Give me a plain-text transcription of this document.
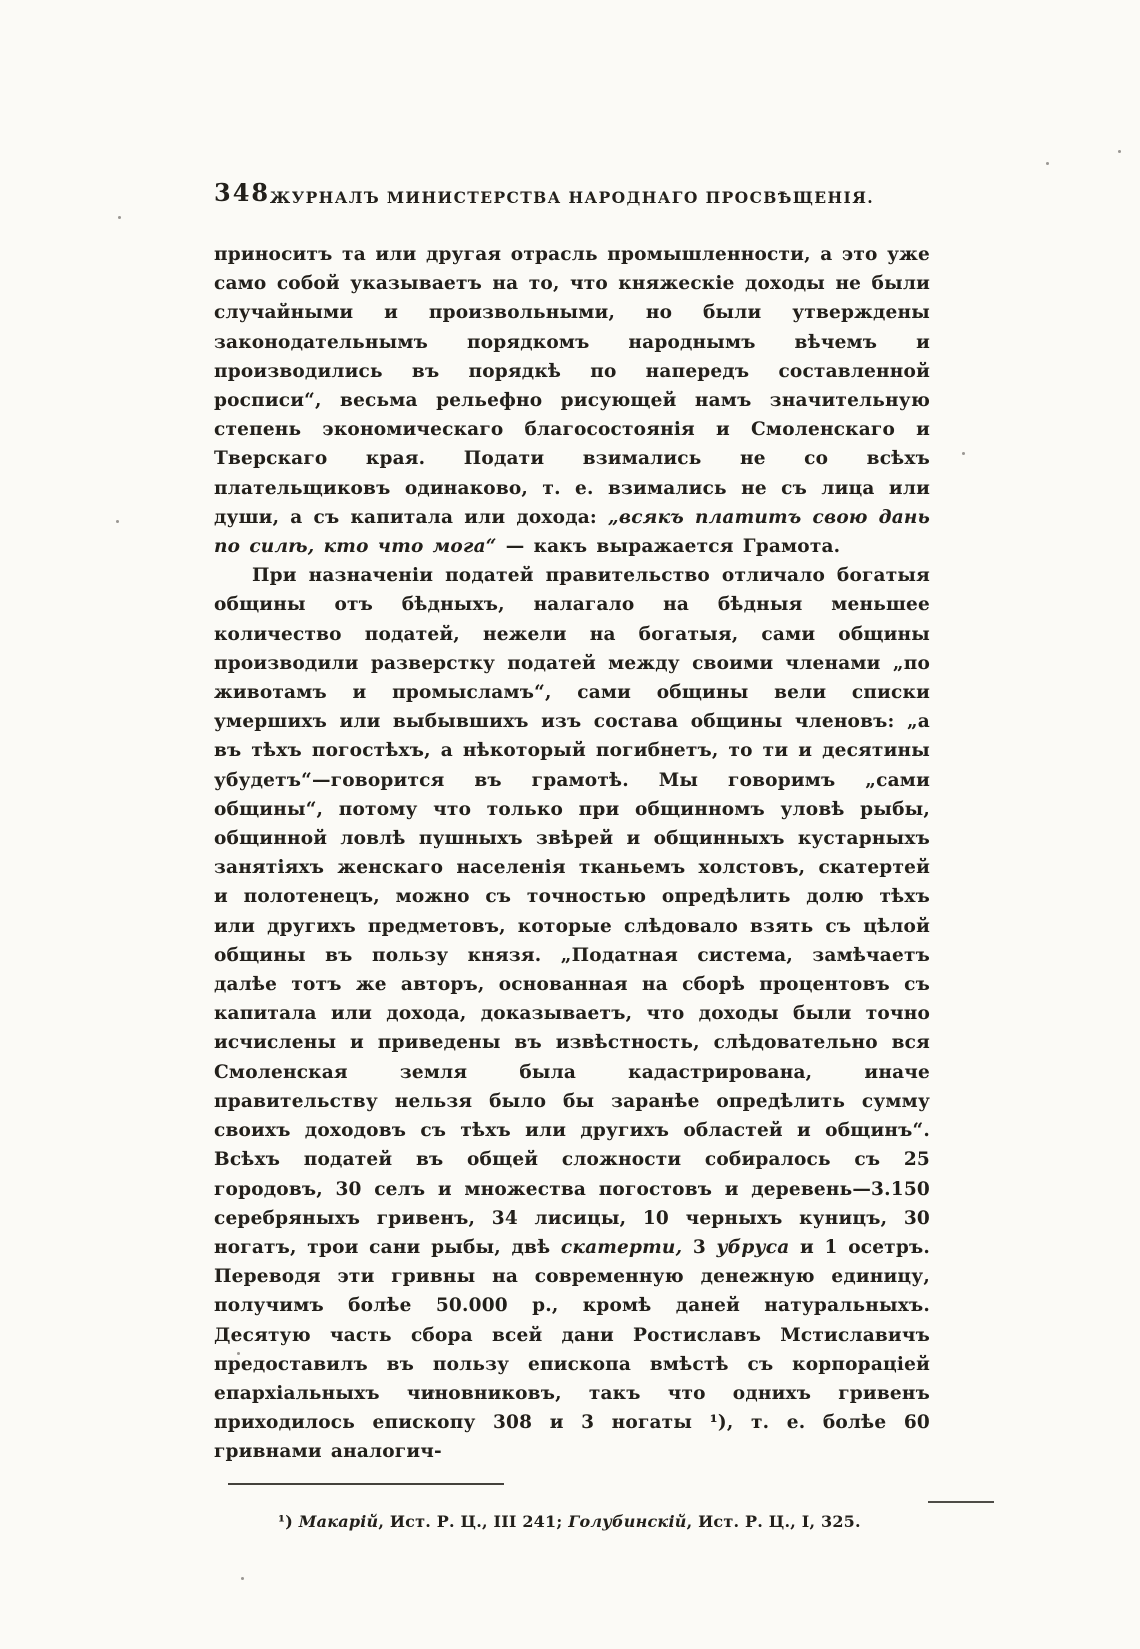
348 ЖУРНАЛЪ МИНИСТЕРСТВА НАРОДНАГО ПРОСВѢЩЕНІЯ.

приноситъ та или другая отрасль промышленности, а это уже само собой указываетъ на то, что княжескіе доходы не были случайными и произвольными, но были утверждены законодательнымъ порядкомъ народнымъ вѣчемъ и производились въ порядкѣ по напередъ составленной росписи“, весьма рельефно рисующей намъ значительную степень экономическаго благосостоянія и Смоленскаго и Тверскаго края. Подати взимались не со всѣхъ плательщиковъ одинаково, т. е. взимались не съ лица или души, а съ капитала или дохода: „всякъ платитъ свою дань по силѣ, кто что мога“ — какъ выражается Грамота.

При назначеніи податей правительство отличало богатыя общины отъ бѣдныхъ, налагало на бѣдныя меньшее количество податей, нежели на богатыя, сами общины производили разверстку податей между своими членами „по животамъ и промысламъ“, сами общины вели списки умершихъ или выбывшихъ изъ состава общины членовъ: „а въ тѣхъ погостѣхъ, а нѣкоторый погибнетъ, то ти и десятины убудетъ“—говорится въ грамотѣ. Мы говоримъ „сами общины“, потому что только при общинномъ уловѣ рыбы, общинной ловлѣ пушныхъ звѣрей и общинныхъ кустарныхъ занятіяхъ женскаго населенія тканьемъ холстовъ, скатертей и полотенецъ, можно съ точностью опредѣлить долю тѣхъ или другихъ предметовъ, которые слѣдовало взять съ цѣлой общины въ пользу князя. „Податная система, замѣчаетъ далѣе тотъ же авторъ, основанная на сборѣ процентовъ съ капитала или дохода, доказываетъ, что доходы были точно исчислены и приведены въ извѣстность, слѣдовательно вся Смоленская земля была кадастрирована, иначе правительству нельзя было бы заранѣе опредѣлить сумму своихъ доходовъ съ тѣхъ или другихъ областей и общинъ“. Всѣхъ податей въ общей сложности собиралось съ 25 городовъ, 30 селъ и множества погостовъ и деревень—3.150 серебряныхъ гривенъ, 34 лисицы, 10 черныхъ куницъ, 30 ногатъ, трои сани рыбы, двѣ скатерти, 3 убруса и 1 осетръ. Переводя эти гривны на современную денежную единицу, получимъ болѣе 50.000 р., кромѣ даней натуральныхъ. Десятую часть сбора всей дани Ростиславъ Мстиславичъ предоставилъ въ пользу епископа вмѣстѣ съ корпораціей епархіальныхъ чиновниковъ, такъ что однихъ гривенъ приходилось епископу 308 и 3 ногаты ¹), т. е. болѣе 60 гривнами аналогич-

¹) Макарій, Ист. Р. Ц., III 241; Голубинскій, Ист. Р. Ц., I, 325.
